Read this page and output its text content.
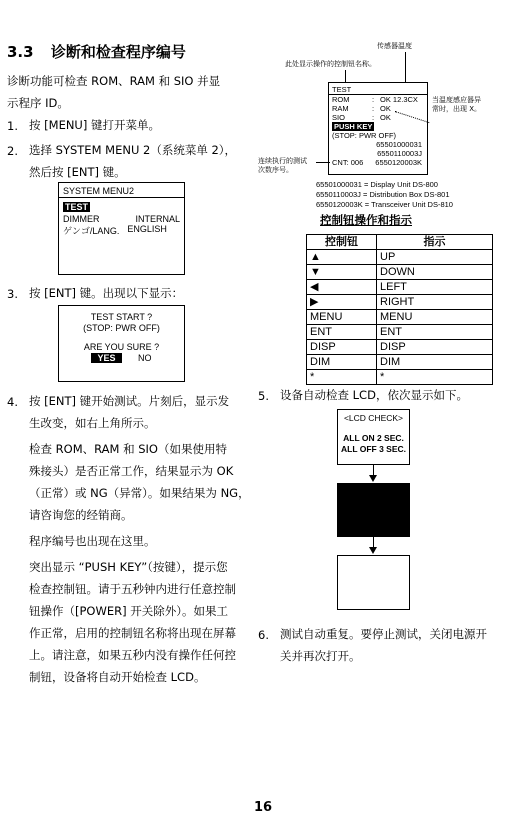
3.3 诊断和检查程序编号
诊断功能可检查 ROM、RAM 和 SIO 并显
示程序 ID。
1. 按 [MENU] 键打开菜单。
2. 选择 SYSTEM MENU 2（系统菜单 2），
然后按 [ENT] 键。
SYSTEM MENU2
TEST
DIMMER	INTERNAL
ゲンゴ/LANG. ENGLISH
3. 按 [ENT] 键。出现以下显示：
TEST START ?
(STOP: PWR OFF)
ARE YOU SURE ?
YES	NO
4. 按 [ENT] 键开始测试。片刻后，显示发
生改变，如右上角所示。
检查 ROM、RAM 和 SIO（如果使用特
殊接头）是否正常工作，结果显示为 OK
（正常）或 NG（异常）。如果结果为 NG，
请咨询您的经销商。
程序编号也出现在这里。
突出显示 “PUSH KEY”（按键），提示您
检查控制钮。请于五秒钟内进行任意控制
钮操作（[POWER] 开关除外）。如果工
作正常，启用的控制钮名称将出现在屏幕
上。请注意，如果五秒内没有操作任何控
制钮，设备将自动开始检查 LCD。
传感器温度
此处显示操作的控制钮名称。
TEST
ROM	: OK 12.3CX
RAM	: OK
SIO	: OK
PUSH KEY
(STOP: PWR OFF)
65501000031
6550110003J
CNT: 006 6550120003K
当温度感应器异
常时，出现 X。
连续执行的测试
次数序号。
65501000031 = Display Unit DS-800
6550110003J = Distribution Box DS-801
6550120003K = Transceiver Unit DS-810
控制钮操作和指示
控制钮	指示
▲	UP
▼	DOWN
◀	LEFT
▶	RIGHT
MENU	MENU
ENT	ENT
DISP	DISP
DIM	DIM
*	*
5. 设备自动检查 LCD，依次显示如下。
<LCD CHECK>
ALL ON 2 SEC.
ALL OFF 3 SEC.
6. 测试自动重复。要停止测试，关闭电源开
关并再次打开。
16
